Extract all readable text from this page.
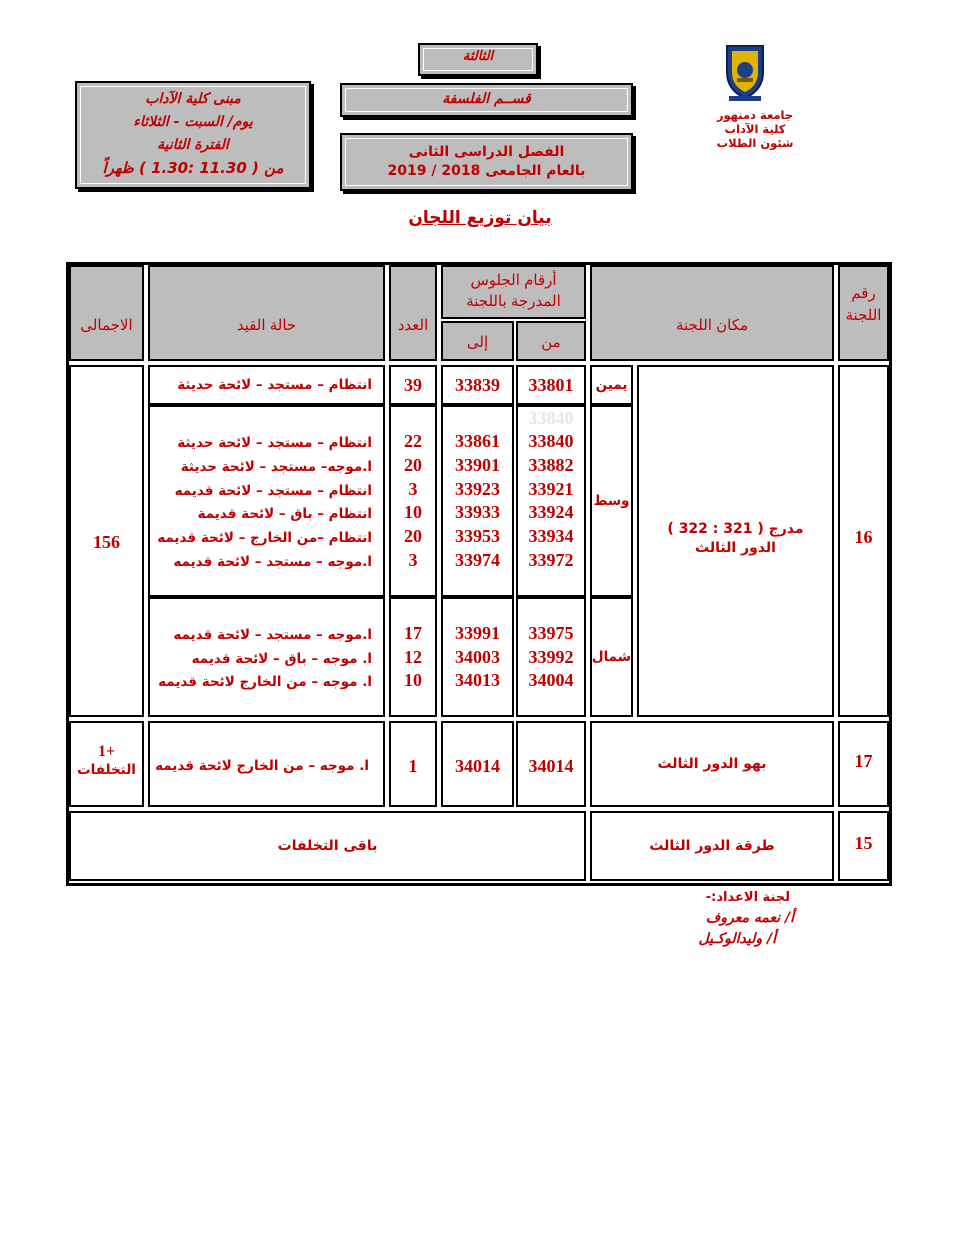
جامعة دمنهور
كلية الآداب
شئون الطلاب
الثالثة
قســم الفلسفة
الفصل الدراسى الثانى
بالعام الجامعى 2018 / 2019
مبنى كلية الآداب
يوم/ السبت - الثلاثاء
الفترة الثانية
من ( 11.30 :1.30 ) ظهراً
بيان توزيع اللجان
رقم
اللجنة
مكان اللجنة
أرقام الجلوس
المدرجة باللجنة
من
إلى
العدد
حالة القيد
الاجمالى
16
مدرج ( 321 : 322 )
الدور الثالث
يمين
وسط
شمال
156
33801
33839
39
انتظام – مستجد – لائحة حديثة
33840
33840
33882
33921
33924
33934
33972
33861
33901
33923
33933
33953
33974
22
20
3
10
20
3
انتظام – مستجد – لائحة حديثة
ا.موجه– مستجد – لائحة حديثة
انتظام – مستجد – لائحة قديمه
انتظام – باق – لائحة قديمة
انتظام –من الخارج – لائحة قديمه
ا.موجه – مستجد – لائحة قديمه
33975
33992
34004
33991
34003
34013
17
12
10
ا.موجه – مستجد – لائحة قديمه
ا. موجه – باق – لائحة قديمه
ا. موجه – من الخارج لائحة قديمه
17
بهو الدور الثالث
34014
34014
1
ا. موجه – من الخارج لائحة قديمه
+1
التخلفات
15
طرقة الدور الثالث
باقى التخلفات
لجنة الاعداد:-
أ/ نعمه معروف
أ/ وليدالوكـيل
